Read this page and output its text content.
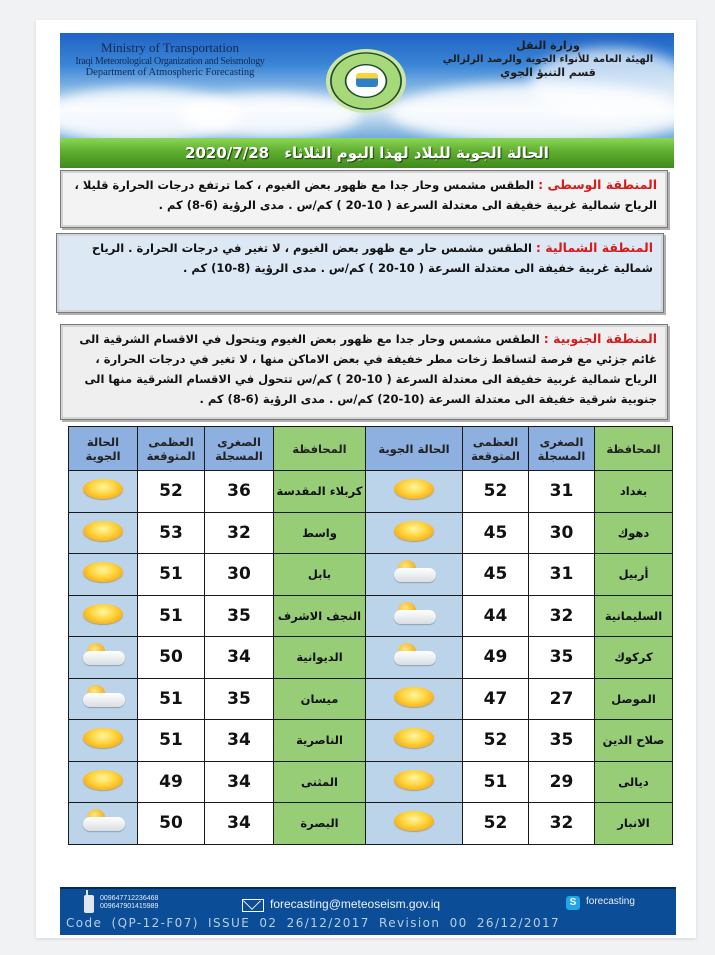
Ministry of Transportation
Iraqi Meteorological Organization and Seismology
Department of Atmospheric Forecasting
وزارة النقل
الهيئة العامة للأنواء الجوية والرصد الزلزالي
قسم التنبؤ الجوي
الحالة الجوية للبلاد لهذا اليوم الثلاثاء 2020/7/28
المنطقة الوسطى : الطقس مشمس وحار جدا مع ظهور بعض الغيوم ، كما ترتفع درجات الحرارة قليلا ، الرياح شمالية غربية خفيفة الى معتدلة السرعة ( 10-20 ) كم/س . مدى الرؤية (6-8) كم .
المنطقة الشمالية : الطقس مشمس حار مع ظهور بعض الغيوم ، لا تغير في درجات الحرارة . الرياح شمالية غربية خفيفة الى معتدلة السرعة ( 10-20 ) كم/س . مدى الرؤية (8-10) كم .
المنطقة الجنوبية : الطقس مشمس وحار جدا مع ظهور بعض الغيوم ويتحول في الاقسام الشرقية الى غائم جزئي مع فرصة لتساقط زخات مطر خفيفة في بعض الاماكن منها ، لا تغير في درجات الحرارة ، الرياح شمالية غربية خفيفة الى معتدلة السرعة ( 10-20 ) كم/س تتحول في الاقسام الشرقية منها الى جنوبية شرقية خفيفة الى معتدلة السرعة (10-20) كم/س . مدى الرؤية (6-8) كم .
المحافظة	الصغرى المسجلة	العظمى المتوقعة	الحالة الجوية	المحافظة	الصغرى المسجلة	العظمى المتوقعة	الحالة الجوية
بغداد	31	52		كربلاء المقدسة	36	52	
دهوك	30	45		واسط	32	53	
أربيل	31	45		بابل	30	51	
السليمانية	32	44		النجف الاشرف	35	51	
كركوك	35	49		الديوانية	34	50	

الموصل	27	47		ميسان	35	51	

صلاح الدين	35	52		الناصرية	34	51	
ديالى	29	51		المثنى	34	49	
الانبار	32	52		البصرة	34	50	
009647712236468
009647901415989	forecasting@meteoseism.gov.iq	S forecasting
Code (QP-12-F07) ISSUE 02 26/12/2017 Revision 00 26/12/2017
